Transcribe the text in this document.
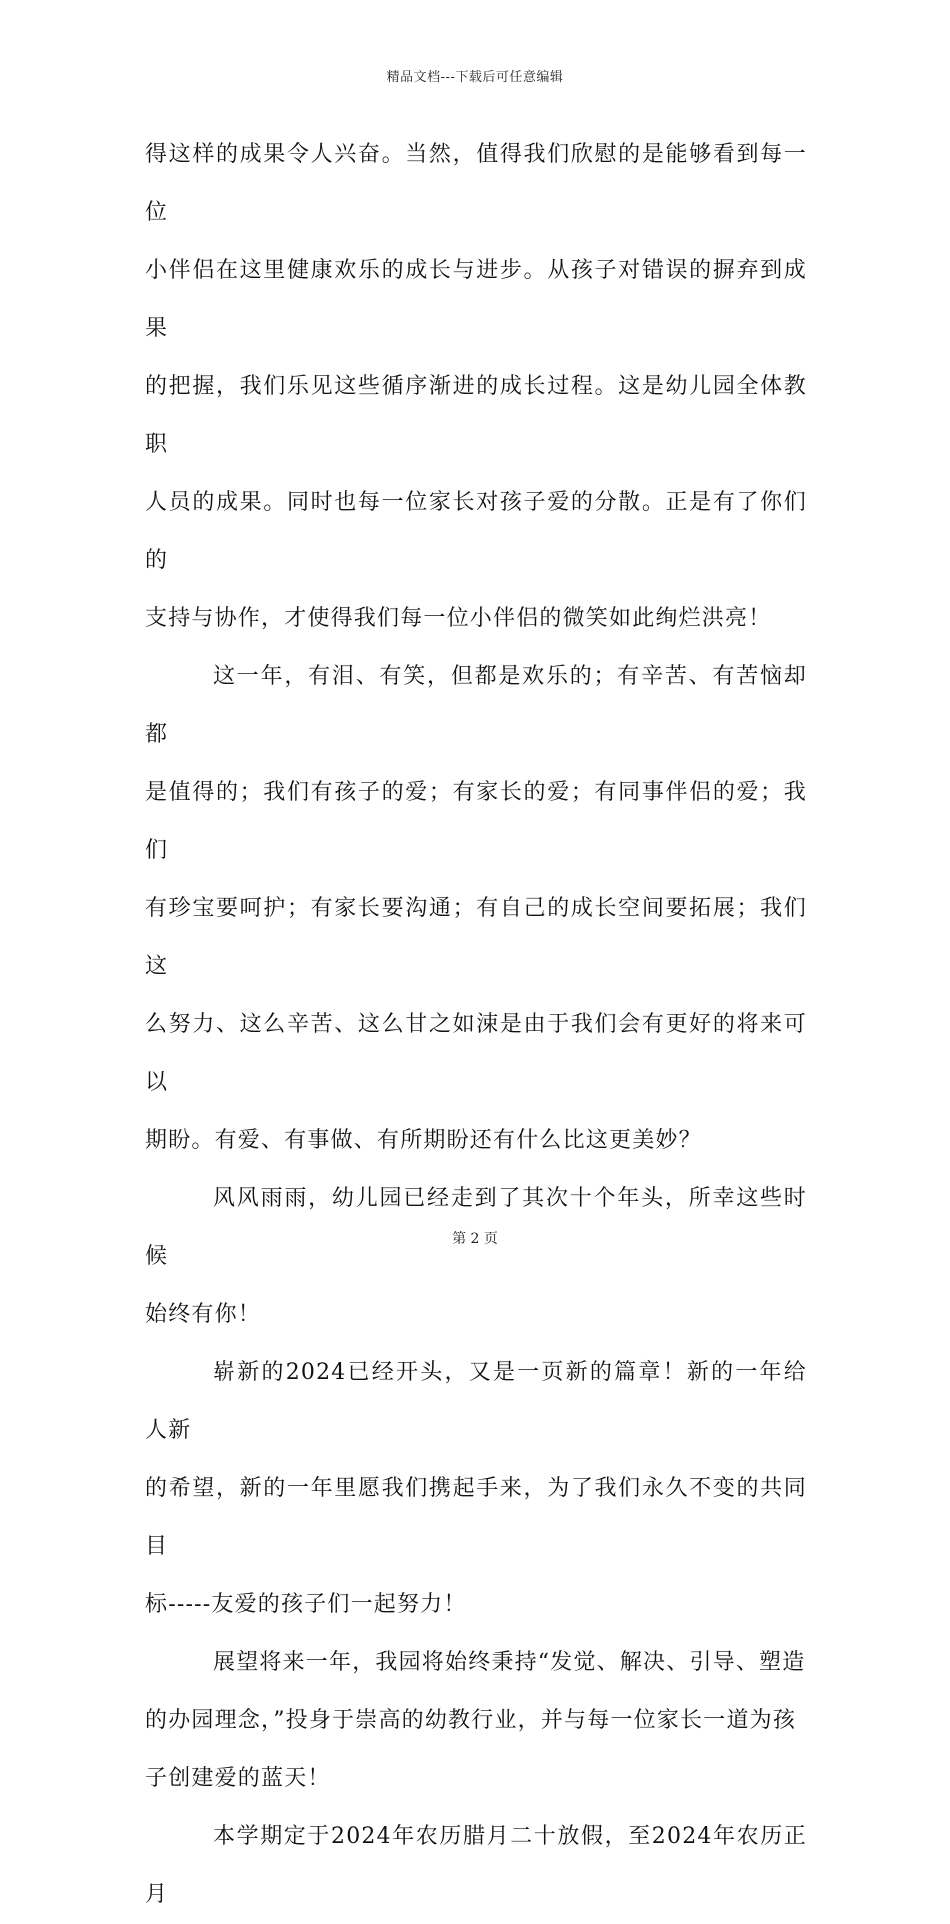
精品文档---下载后可任意编辑
得这样的成果令人兴奋。当然，值得我们欣慰的是能够看到每一位
小伴侣在这里健康欢乐的成长与进步。从孩子对错误的摒弃到成果
的把握，我们乐见这些循序渐进的成长过程。这是幼儿园全体教职
人员的成果。同时也每一位家长对孩子爱的分散。正是有了你们的
支持与协作，才使得我们每一位小伴侣的微笑如此绚烂洪亮！
这一年，有泪、有笑，但都是欢乐的；有辛苦、有苦恼却都
是值得的；我们有孩子的爱；有家长的爱；有同事伴侣的爱；我们
有珍宝要呵护；有家长要沟通；有自己的成长空间要拓展；我们这
么努力、这么辛苦、这么甘之如涑是由于我们会有更好的将来可以
期盼。有爱、有事做、有所期盼还有什么比这更美妙？
风风雨雨，幼儿园已经走到了其次十个年头，所幸这些时候
始终有你！
崭新的2024已经开头，又是一页新的篇章！新的一年给人新
的希望，新的一年里愿我们携起手来，为了我们永久不变的共同目
标-----友爱的孩子们一起努力！
展望将来一年，我园将始终秉持“发觉、解决、引导、塑造
的办园理念，”投身于崇高的幼教行业，并与每一位家长一道为孩
子创建爱的蓝天！
本学期定于2024年农历腊月二十放假，至2024年农历正月
第 2 页
